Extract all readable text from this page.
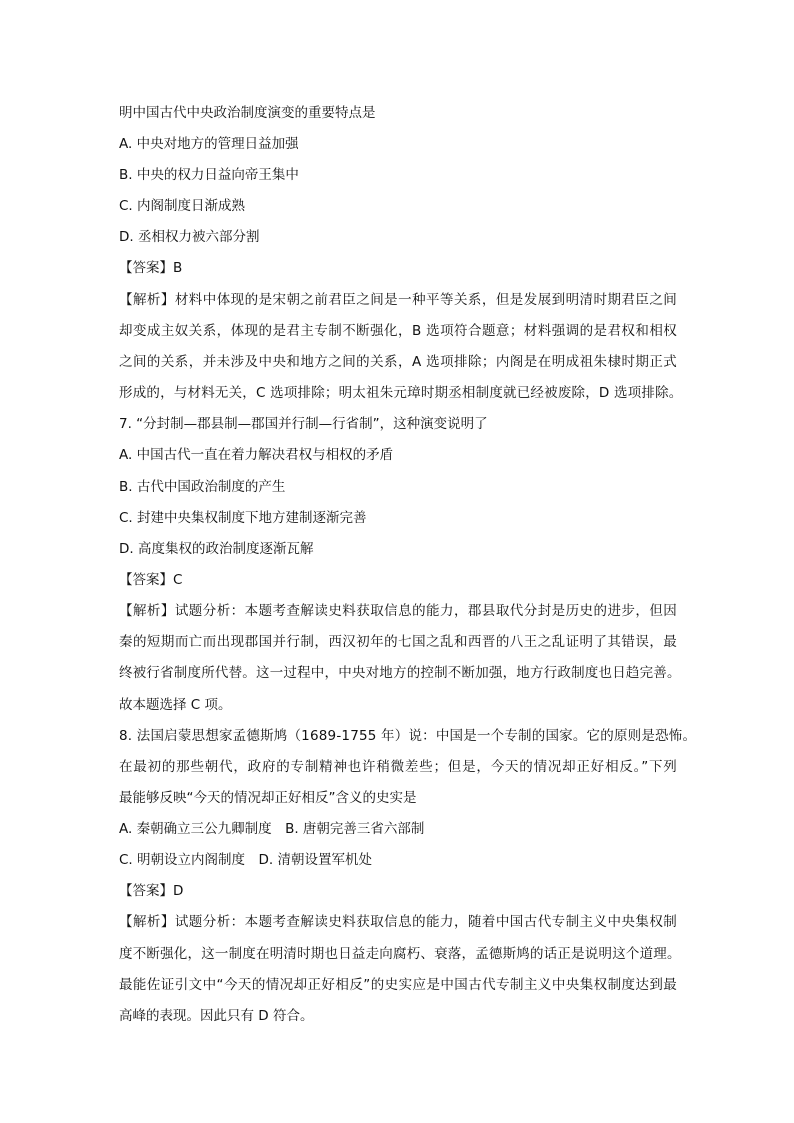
明中国古代中央政治制度演变的重要特点是
A. 中央对地方的管理日益加强
B. 中央的权力日益向帝王集中
C. 内阁制度日渐成熟
D. 丞相权力被六部分割
【答案】B
【解析】材料中体现的是宋朝之前君臣之间是一种平等关系，但是发展到明清时期君臣之间
却变成主奴关系，体现的是君主专制不断强化，B 选项符合题意；材料强调的是君权和相权
之间的关系，并未涉及中央和地方之间的关系，A 选项排除；内阁是在明成祖朱棣时期正式
形成的，与材料无关，C 选项排除；明太祖朱元璋时期丞相制度就已经被废除，D 选项排除。
7. “分封制—郡县制—郡国并行制—行省制”，这种演变说明了
A. 中国古代一直在着力解决君权与相权的矛盾
B. 古代中国政治制度的产生
C. 封建中央集权制度下地方建制逐渐完善
D. 高度集权的政治制度逐渐瓦解
【答案】C
【解析】试题分析：本题考查解读史料获取信息的能力，郡县取代分封是历史的进步，但因
秦的短期而亡而出现郡国并行制，西汉初年的七国之乱和西晋的八王之乱证明了其错误，最
终被行省制度所代替。这一过程中，中央对地方的控制不断加强，地方行政制度也日趋完善。
故本题选择 C 项。
8. 法国启蒙思想家孟德斯鸠（1689-1755 年）说：中国是一个专制的国家。它的原则是恐怖。
在最初的那些朝代，政府的专制精神也许稍微差些；但是，今天的情况却正好相反。”下列
最能够反映“今天的情况却正好相反”含义的史实是
A. 秦朝确立三公九卿制度　B. 唐朝完善三省六部制
C. 明朝设立内阁制度　D. 清朝设置军机处
【答案】D
【解析】试题分析：本题考查解读史料获取信息的能力，随着中国古代专制主义中央集权制
度不断强化，这一制度在明清时期也日益走向腐朽、衰落，孟德斯鸠的话正是说明这个道理。
最能佐证引文中“今天的情况却正好相反”的史实应是中国古代专制主义中央集权制度达到最
高峰的表现。因此只有 D 符合。
